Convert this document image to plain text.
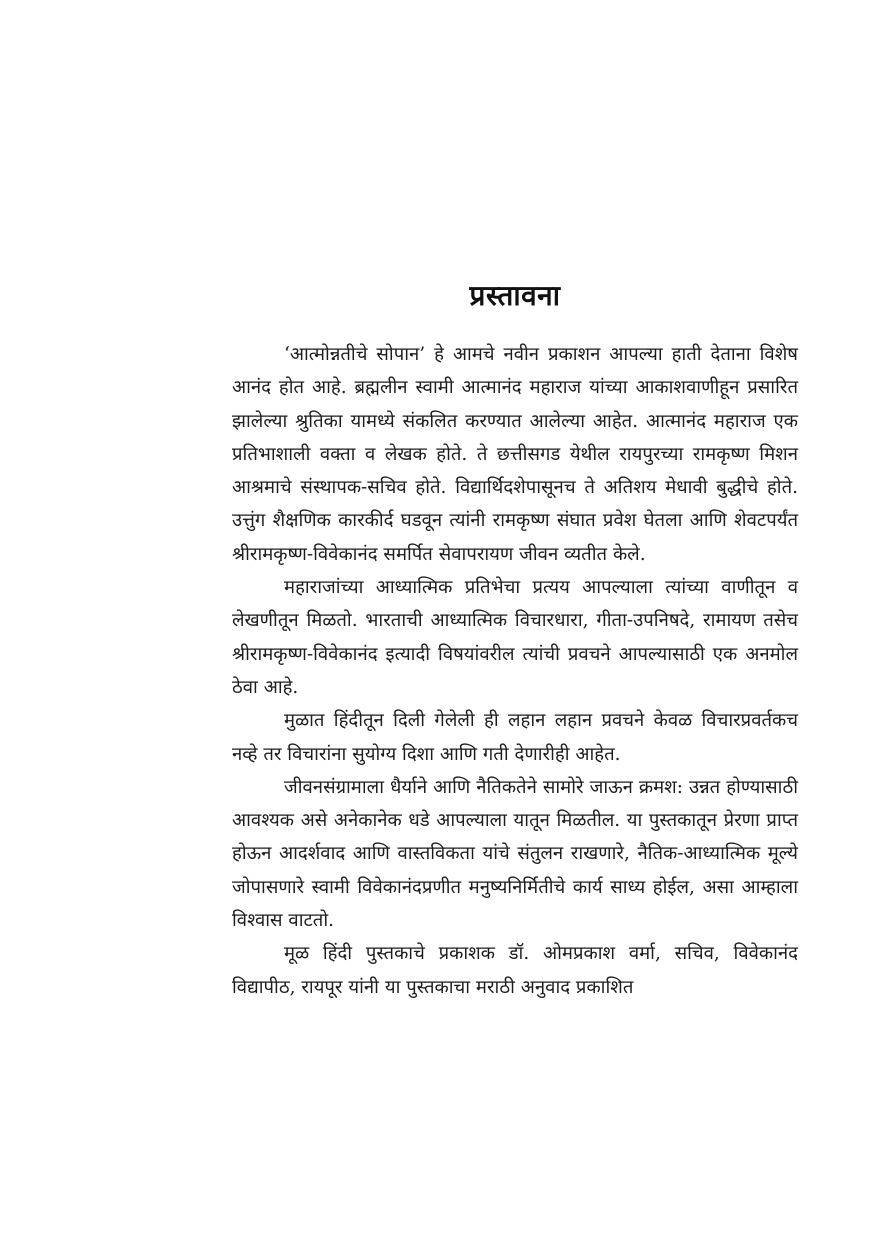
प्रस्तावना

‘आत्मोन्नतीचे सोपान’ हे आमचे नवीन प्रकाशन आपल्या हाती देताना विशेष आनंद होत आहे. ब्रह्मलीन स्वामी आत्मानंद महाराज यांच्या आकाशवाणीहून प्रसारित झालेल्या श्रुतिका यामध्ये संकलित करण्यात आलेल्या आहेत. आत्मानंद महाराज एक प्रतिभाशाली वक्ता व लेखक होते. ते छत्तीसगड येथील रायपुरच्या रामकृष्ण मिशन आश्रमाचे संस्थापक-सचिव होते. विद्यार्थिदशेपासूनच ते अतिशय मेधावी बुद्धीचे होते. उत्तुंग शैक्षणिक कारकीर्द घडवून त्यांनी रामकृष्ण संघात प्रवेश घेतला आणि शेवटपर्यंत श्रीरामकृष्ण-विवेकानंद समर्पित सेवापरायण जीवन व्यतीत केले.

महाराजांच्या आध्यात्मिक प्रतिभेचा प्रत्यय आपल्याला त्यांच्या वाणीतून व लेखणीतून मिळतो. भारताची आध्यात्मिक विचारधारा, गीता-उपनिषदे, रामायण तसेच श्रीरामकृष्ण-विवेकानंद इत्यादी विषयांवरील त्यांची प्रवचने आपल्यासाठी एक अनमोल ठेवा आहे.

मुळात हिंदीतून दिली गेलेली ही लहान लहान प्रवचने केवळ विचारप्रवर्तकच नव्हे तर विचारांना सुयोग्य दिशा आणि गती देणारीही आहेत.

जीवनसंग्रामाला धैर्याने आणि नैतिकतेने सामोरे जाऊन क्रमश: उन्नत होण्यासाठी आवश्यक असे अनेकानेक धडे आपल्याला यातून मिळतील. या पुस्तकातून प्रेरणा प्राप्त होऊन आदर्शवाद आणि वास्तविकता यांचे संतुलन राखणारे, नैतिक-आध्यात्मिक मूल्ये जोपासणारे स्वामी विवेकानंदप्रणीत मनुष्यनिर्मितीचे कार्य साध्य होईल, असा आम्हाला विश्वास वाटतो.

मूळ हिंदी पुस्तकाचे प्रकाशक डॉ. ओमप्रकाश वर्मा, सचिव, विवेकानंद विद्यापीठ, रायपूर यांनी या पुस्तकाचा मराठी अनुवाद प्रकाशित
